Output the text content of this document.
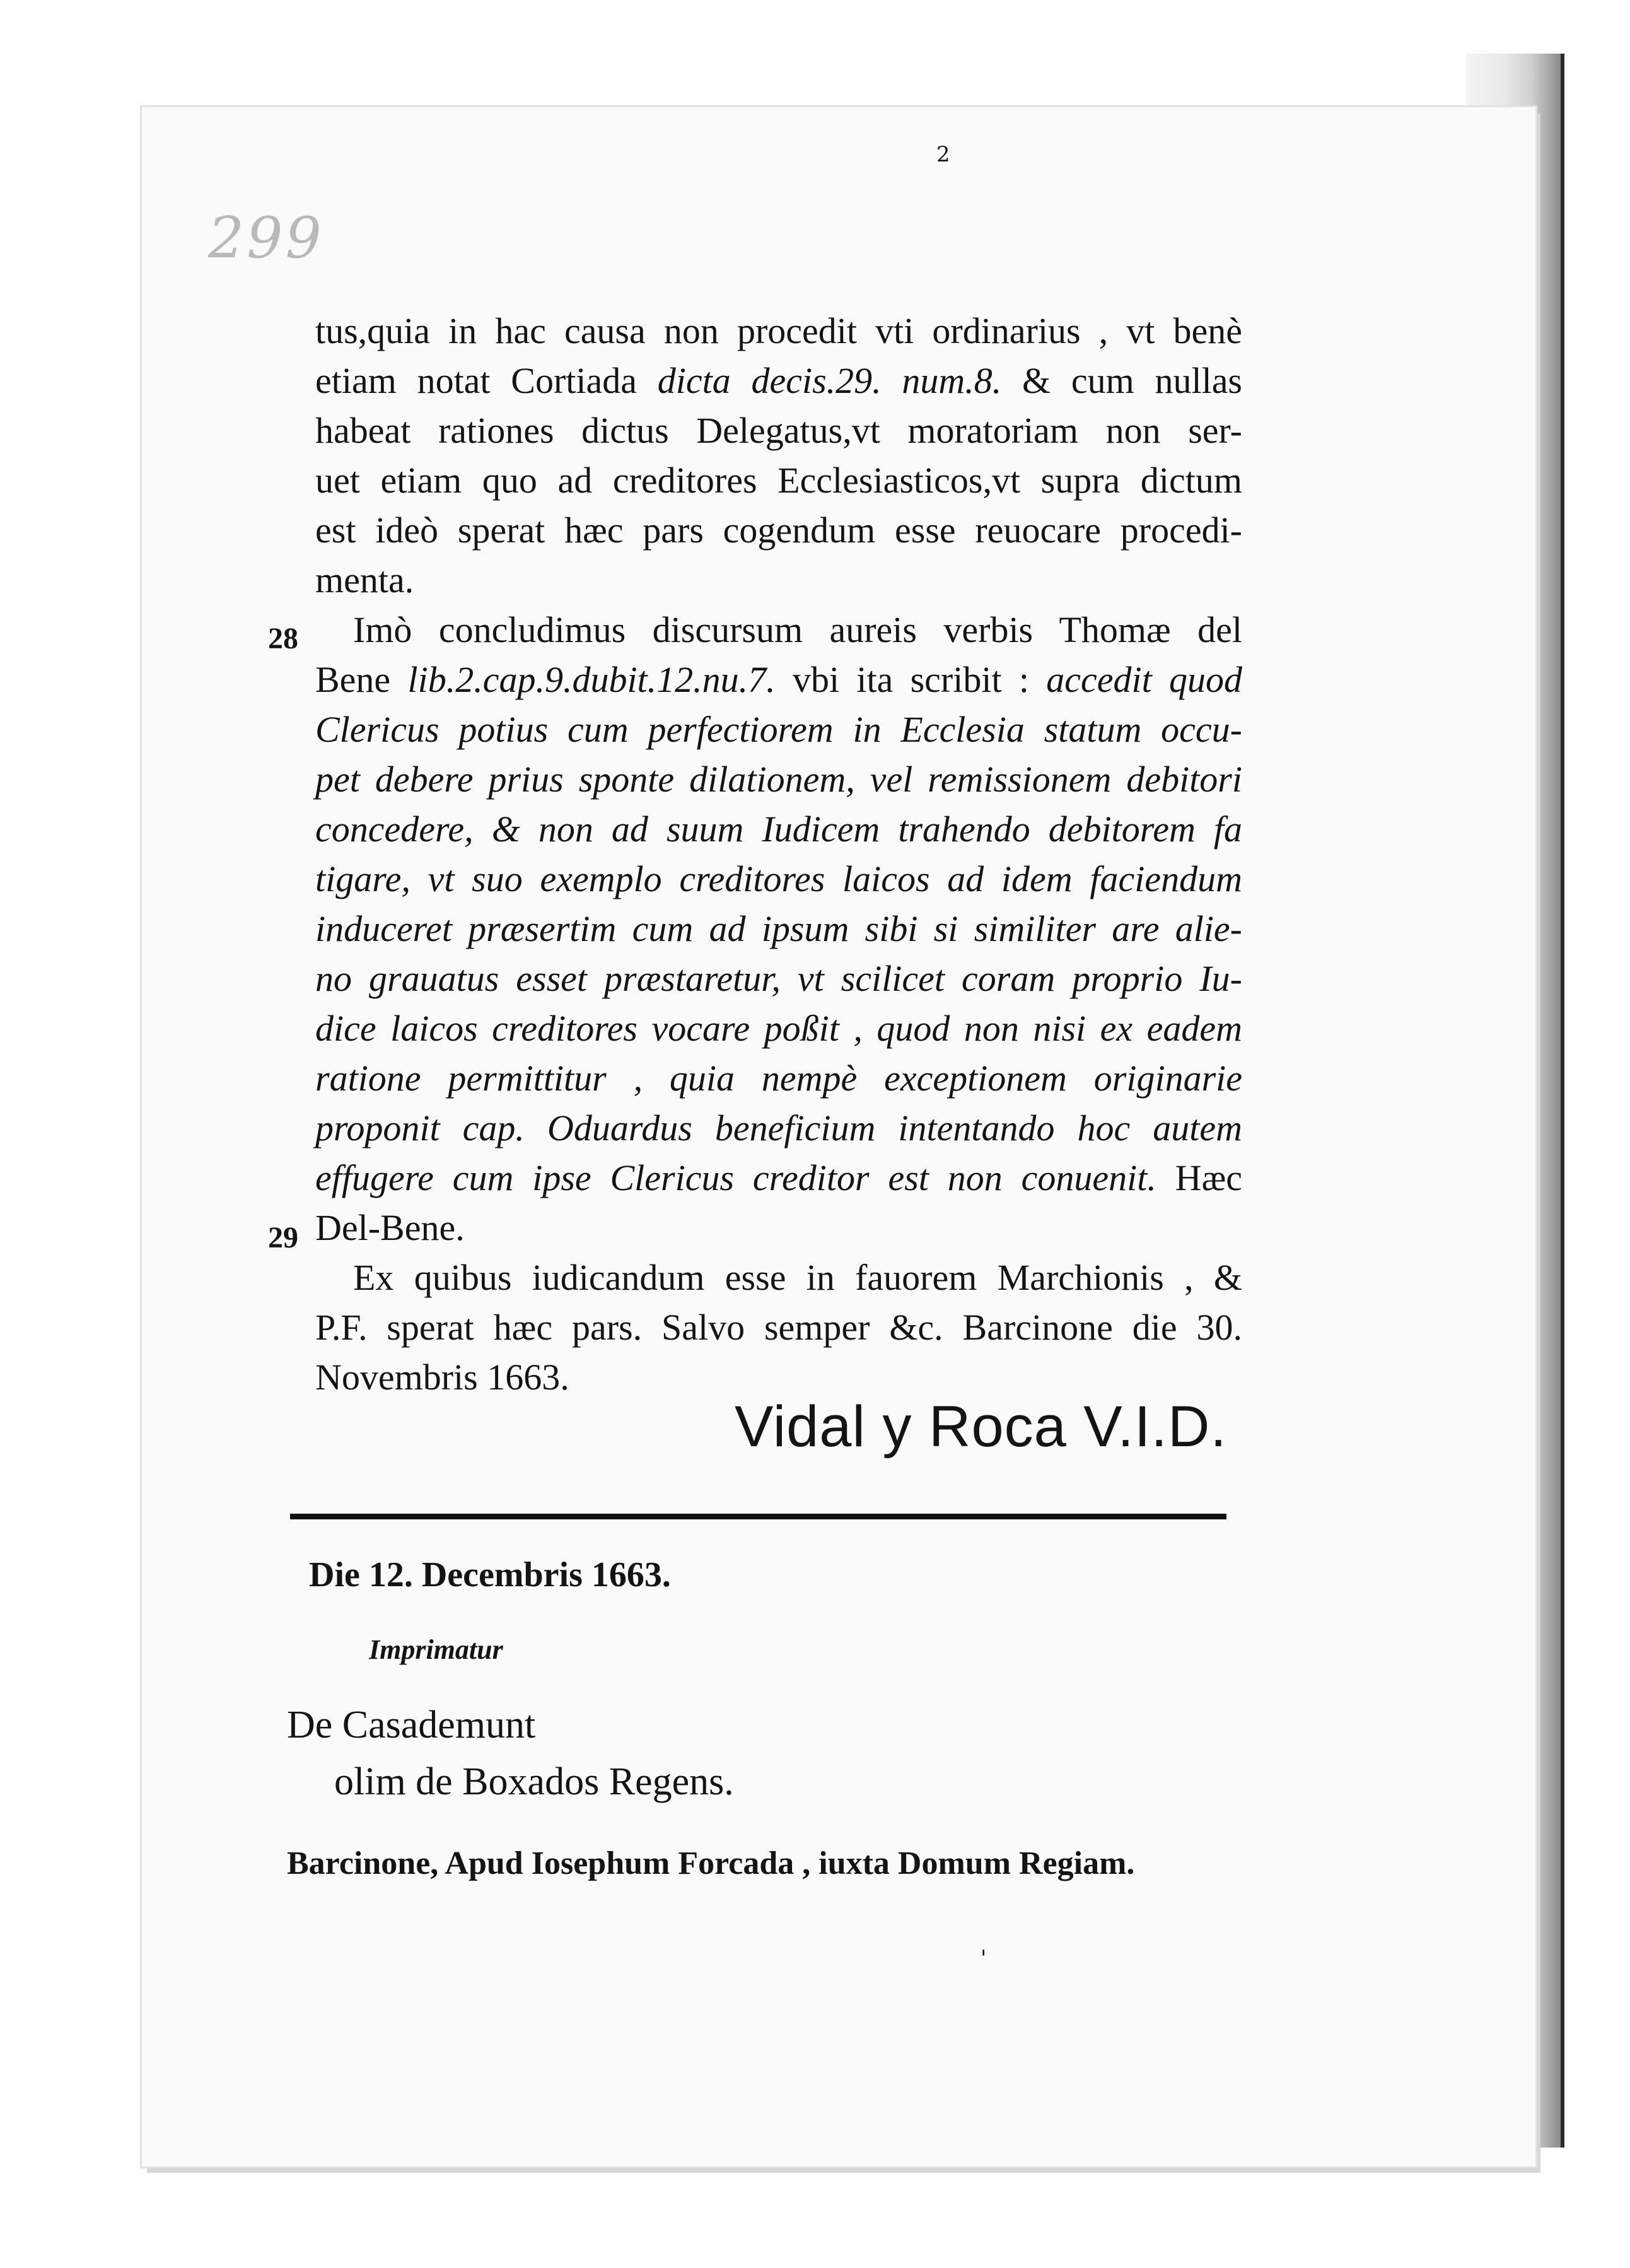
2
299
28
29
tus,quia in hac causa non procedit vti ordinarius , vt benè
etiam notat Cortiada dicta decis.29. num.8. & cum nullas
habeat rationes dictus Delegatus,vt moratoriam non ser-
uet etiam quo ad creditores Ecclesiasticos,vt supra dictum
est ideò sperat hæc pars cogendum esse reuocare procedi-
menta.
Imò concludimus discursum aureis verbis Thomæ del
Bene lib.2.cap.9.dubit.12.nu.7. vbi ita scribit : accedit quod
Clericus potius cum perfectiorem in Ecclesia statum occu-
pet debere prius sponte dilationem, vel remissionem debitori
concedere, & non ad suum Iudicem trahendo debitorem fa
tigare, vt suo exemplo creditores laicos ad idem faciendum
induceret præsertim cum ad ipsum sibi si similiter are alie-
no grauatus esset præstaretur, vt scilicet coram proprio Iu-
dice laicos creditores vocare poßit , quod non nisi ex eadem
ratione permittitur , quia nempè exceptionem originarie
proponit cap. Oduardus beneficium intentando hoc autem
effugere cum ipse Clericus creditor est non conuenit. Hæc
Del-Bene.
Ex quibus iudicandum esse in fauorem Marchionis , &
P.F. sperat hæc pars. Salvo semper &c. Barcinone die 30.
Novembris 1663.
Vidal y Roca V.I.D.
Die 12. Decembris 1663.
Imprimatur
De Casademunt
olim de Boxados Regens.
Barcinone, Apud Iosephum Forcada , iuxta Domum Regiam.
'
